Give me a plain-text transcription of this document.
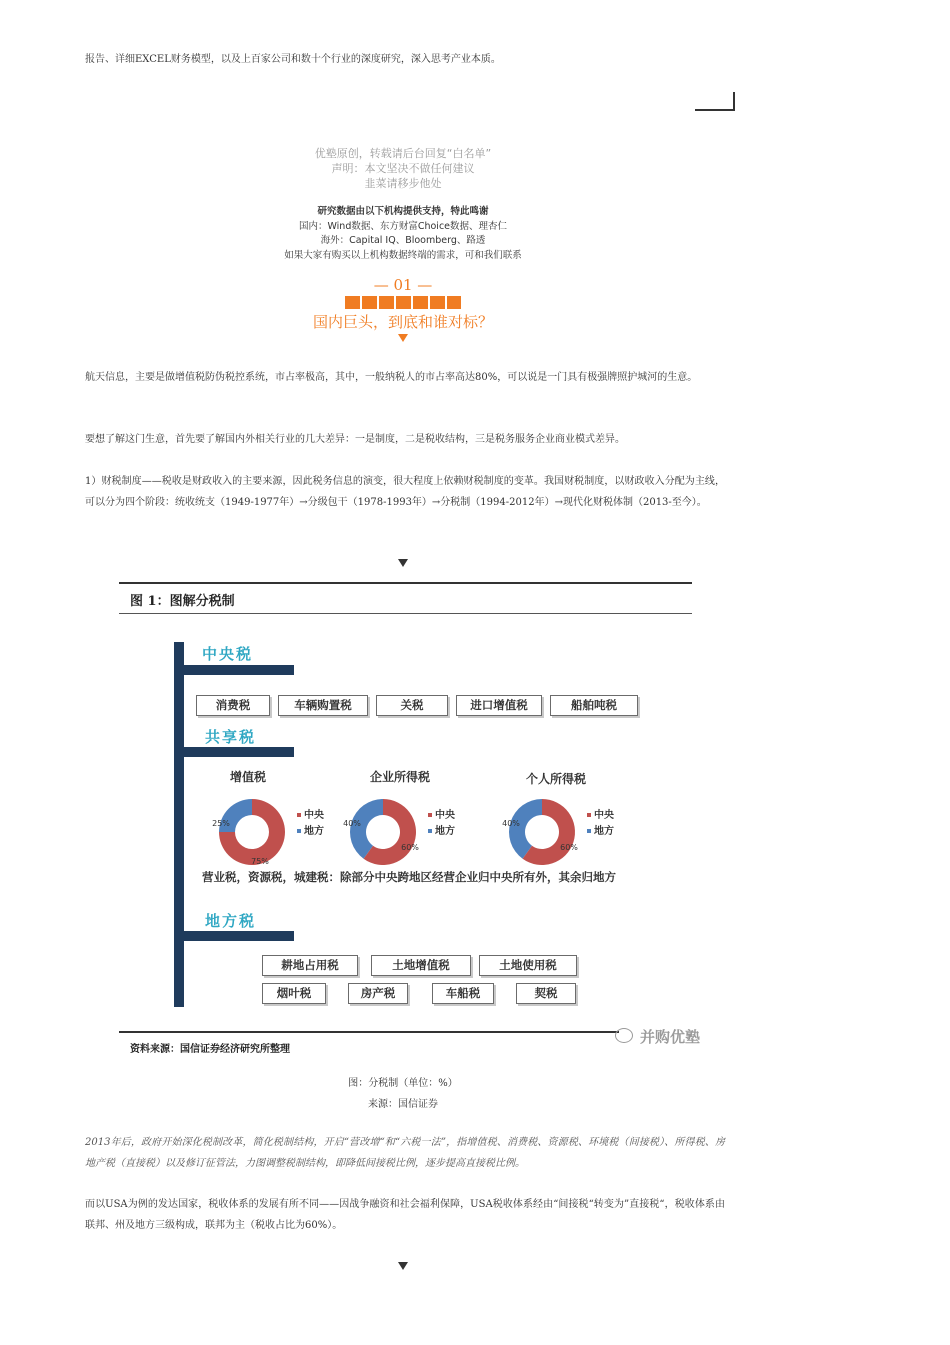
报告、详细EXCEL财务模型，以及上百家公司和数十个行业的深度研究，深入思考产业本质。
优塾原创，转载请后台回复“白名单”
声明：本文坚决不做任何建议
韭菜请移步他处
研究数据由以下机构提供支持，特此鸣谢
国内：Wind数据、东方财富Choice数据、理杏仁
海外：Capital IQ、Bloomberg、路透
如果大家有购买以上机构数据终端的需求，可和我们联系
— 01 —
国内巨头，到底和谁对标？
航天信息，主要是做增值税防伪税控系统，市占率极高，其中，一般纳税人的市占率高达80%，可以说是一门具有极强牌照护城河的生意。
要想了解这门生意，首先要了解国内外相关行业的几大差异：一是制度，二是税收结构，三是税务服务企业商业模式差异。
1）财税制度——税收是财政收入的主要来源，因此税务信息的演变，很大程度上依赖财税制度的变革。我国财税制度，以财政收入分配为主线，可以分为四个阶段：统收统支（1949-1977年）→分级包干（1978-1993年）→分税制（1994-2012年）→现代化财税体制（2013-至今）。
图 1：图解分税制
中央税
消费税	车辆购置税	关税	进口增值税	船舶吨税
共享税
增值税	企业所得税	个人所得税
25%
75%
中央
地方
40%
60%
中央
地方
40%
60%
中央
地方
营业税，资源税，城建税：除部分中央跨地区经营企业归中央所有外，其余归地方
地方税
耕地占用税	土地增值税	土地使用税
烟叶税	房产税	车船税	契税
资料来源：国信证券经济研究所整理
并购优塾
图：分税制（单位：%）
来源：国信证券
2013年后，政府开始深化税制改革，简化税制结构，开启“营改增“和“六税一法”，指增值税、消费税、资源税、环境税（间接税）、所得税、房地产税（直接税）以及修订征管法，力图调整税制结构，即降低间接税比例，逐步提高直接税比例。
而以USA为例的发达国家，税收体系的发展有所不同——因战争融资和社会福利保障，USA税收体系经由“间接税“转变为”直接税“，税收体系由联邦、州及地方三级构成，联邦为主（税收占比为60%）。
